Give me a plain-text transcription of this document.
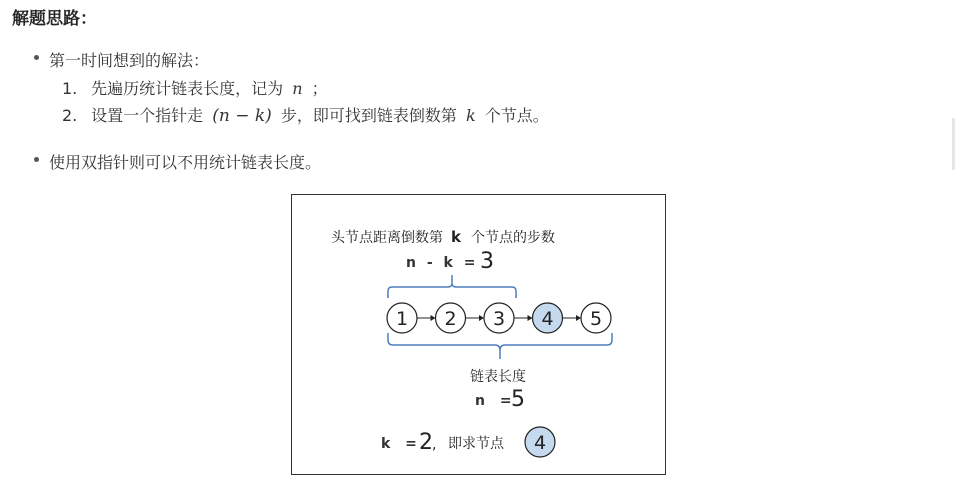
解题思路：
第一时间想到的解法：
1. 先遍历统计链表长度，记为 n ；
2. 设置一个指针走 (n − k) 步，即可找到链表倒数第 k 个节点。
使用双指针则可以不用统计链表长度。
头节点距离倒数第 k 个节点的步数
n - k = 3
1 2 3 4 5
链表长度
n =
5
k =
2 , 即求节点 4
